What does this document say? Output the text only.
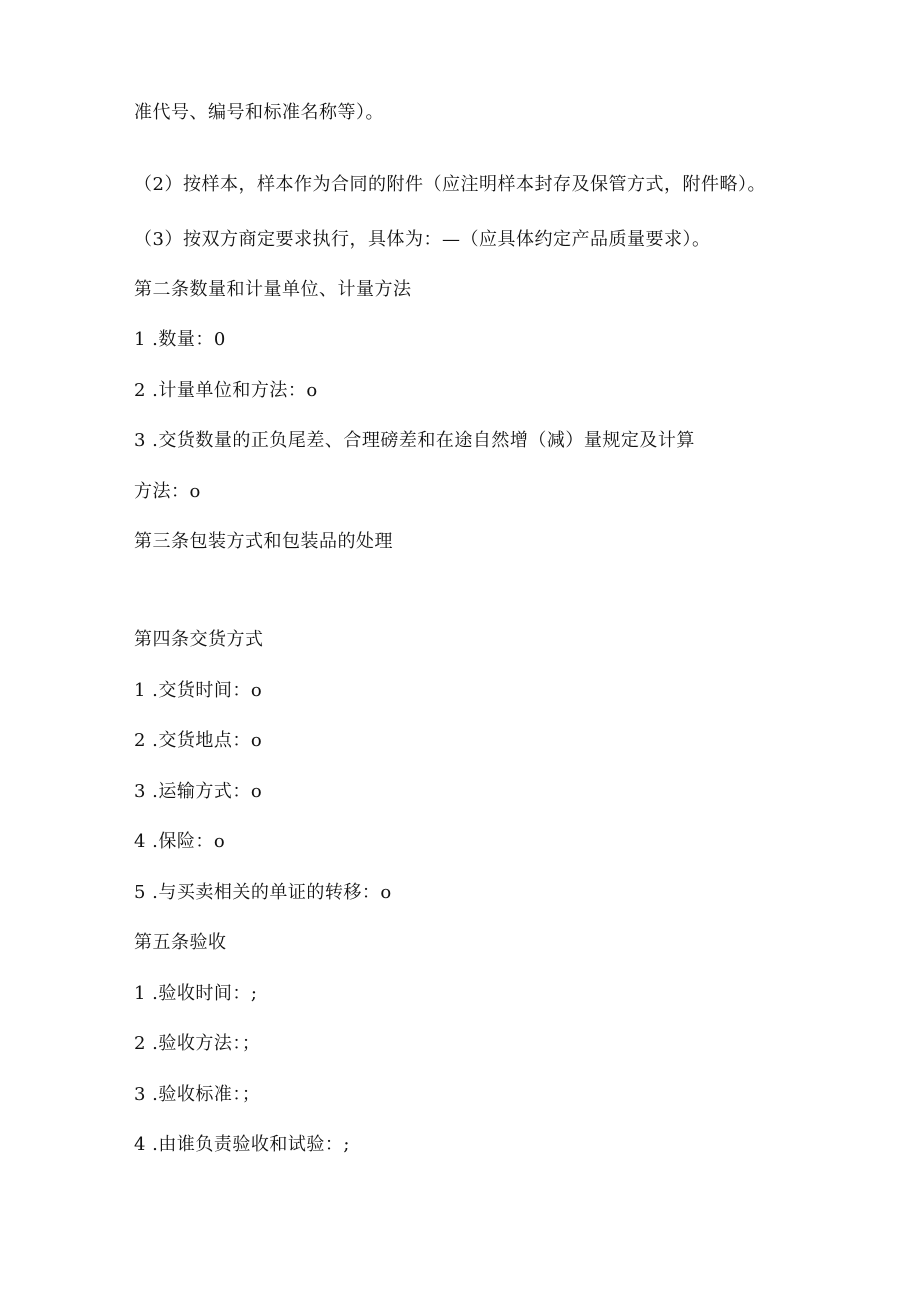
准代号、编号和标准名称等）。
（2）按样本，样本作为合同的附件（应注明样本封存及保管方式，附件略）。
（3）按双方商定要求执行，具体为：—（应具体约定产品质量要求）。
第二条数量和计量单位、计量方法
1 .数量：0
2 .计量单位和方法：o
3 .交货数量的正负尾差、合理磅差和在途自然增（减）量规定及计算
方法：o
第三条包装方式和包装品的处理
第四条交货方式
1 .交货时间：o
2 .交货地点：o
3 .运输方式：o
4 .保险：o
5 .与买卖相关的单证的转移：o
第五条验收
1 .验收时间：;
2 .验收方法：；
3 .验收标准：；
4 .由谁负责验收和试验：;
